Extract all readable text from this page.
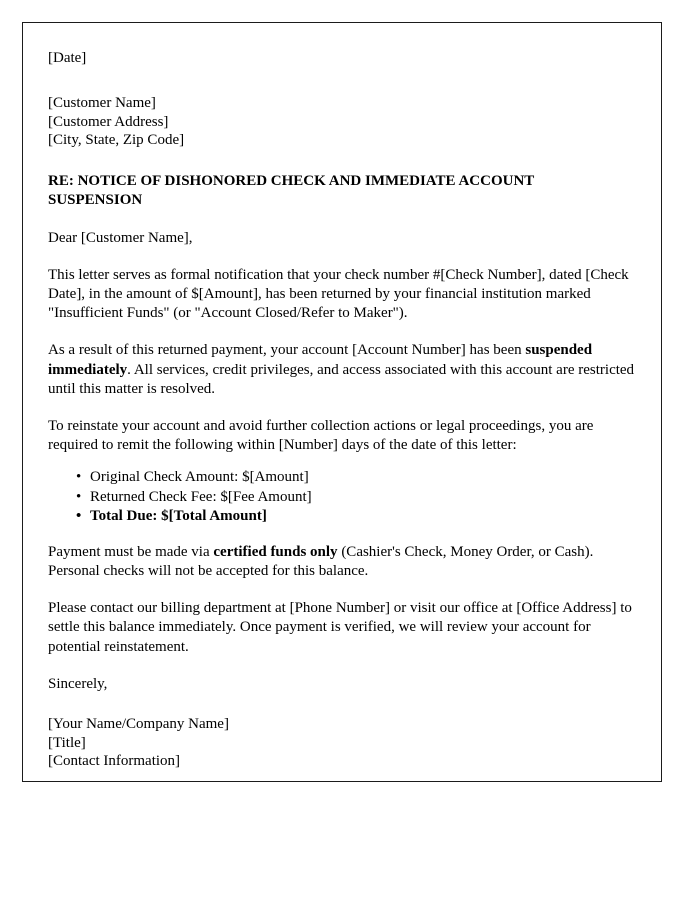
[Date]
[Customer Name]
[Customer Address]
[City, State, Zip Code]
RE: NOTICE OF DISHONORED CHECK AND IMMEDIATE ACCOUNT SUSPENSION

Dear [Customer Name],

This letter serves as formal notification that your check number #[Check Number], dated [Check Date], in the amount of $[Amount], has been returned by your financial institution marked "Insufficient Funds" (or "Account Closed/Refer to Maker").

As a result of this returned payment, your account [Account Number] has been suspended immediately. All services, credit privileges, and access associated with this account are restricted until this matter is resolved.

To reinstate your account and avoid further collection actions or legal proceedings, you are required to remit the following within [Number] days of the date of this letter:

• Original Check Amount: $[Amount]
• Returned Check Fee: $[Fee Amount]
• Total Due: $[Total Amount]

Payment must be made via certified funds only (Cashier's Check, Money Order, or Cash). Personal checks will not be accepted for this balance.

Please contact our billing department at [Phone Number] or visit our office at [Office Address] to settle this balance immediately. Once payment is verified, we will review your account for potential reinstatement.

Sincerely,

[Your Name/Company Name]
[Title]
[Contact Information]
